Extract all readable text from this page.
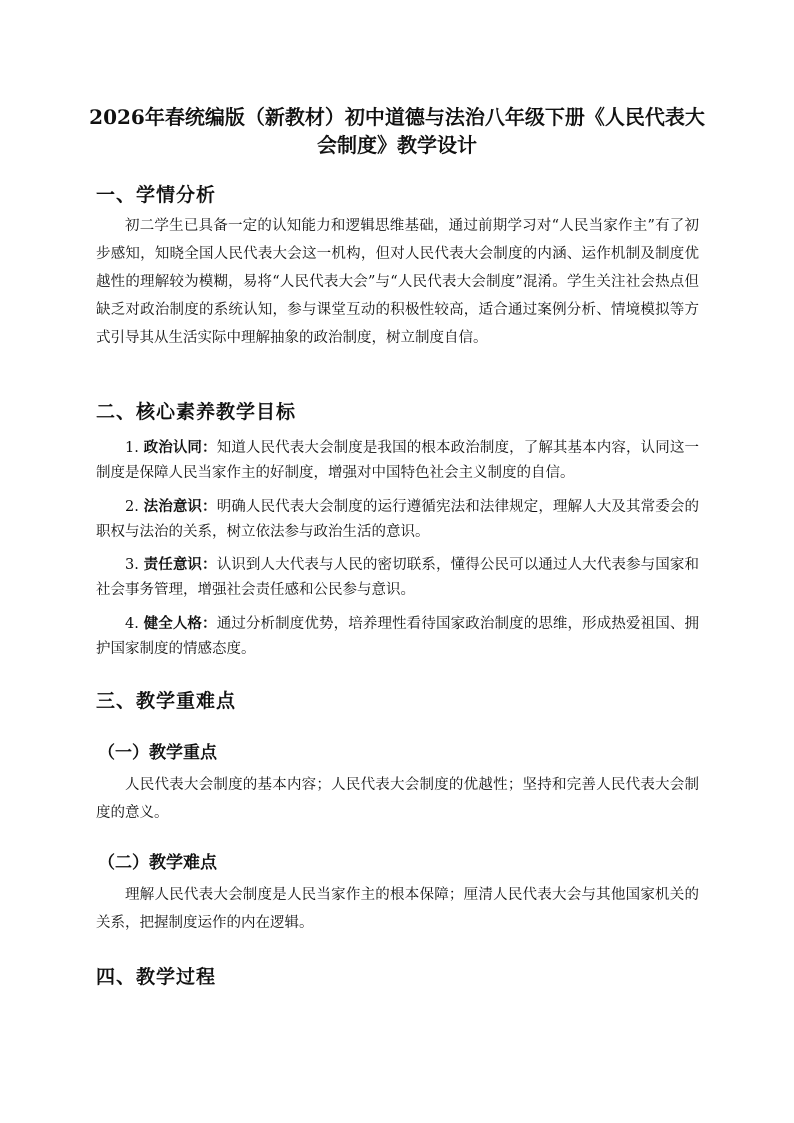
2026年春统编版（新教材）初中道德与法治八年级下册《人民代表大会制度》教学设计
一、学情分析

初二学生已具备一定的认知能力和逻辑思维基础，通过前期学习对“人民当家作主”有了初步感知，知晓全国人民代表大会这一机构，但对人民代表大会制度的内涵、运作机制及制度优越性的理解较为模糊，易将“人民代表大会”与“人民代表大会制度”混淆。学生关注社会热点但缺乏对政治制度的系统认知，参与课堂互动的积极性较高，适合通过案例分析、情境模拟等方式引导其从生活实际中理解抽象的政治制度，树立制度自信。

二、核心素养教学目标

1. 政治认同：知道人民代表大会制度是我国的根本政治制度，了解其基本内容，认同这一制度是保障人民当家作主的好制度，增强对中国特色社会主义制度的自信。

2. 法治意识：明确人民代表大会制度的运行遵循宪法和法律规定，理解人大及其常委会的职权与法治的关系，树立依法参与政治生活的意识。

3. 责任意识：认识到人大代表与人民的密切联系，懂得公民可以通过人大代表参与国家和社会事务管理，增强社会责任感和公民参与意识。

4. 健全人格：通过分析制度优势，培养理性看待国家政治制度的思维，形成热爱祖国、拥护国家制度的情感态度。

三、教学重难点
（一）教学重点

人民代表大会制度的基本内容；人民代表大会制度的优越性；坚持和完善人民代表大会制度的意义。

（二）教学难点

理解人民代表大会制度是人民当家作主的根本保障；厘清人民代表大会与其他国家机关的关系，把握制度运作的内在逻辑。

四、教学过程
